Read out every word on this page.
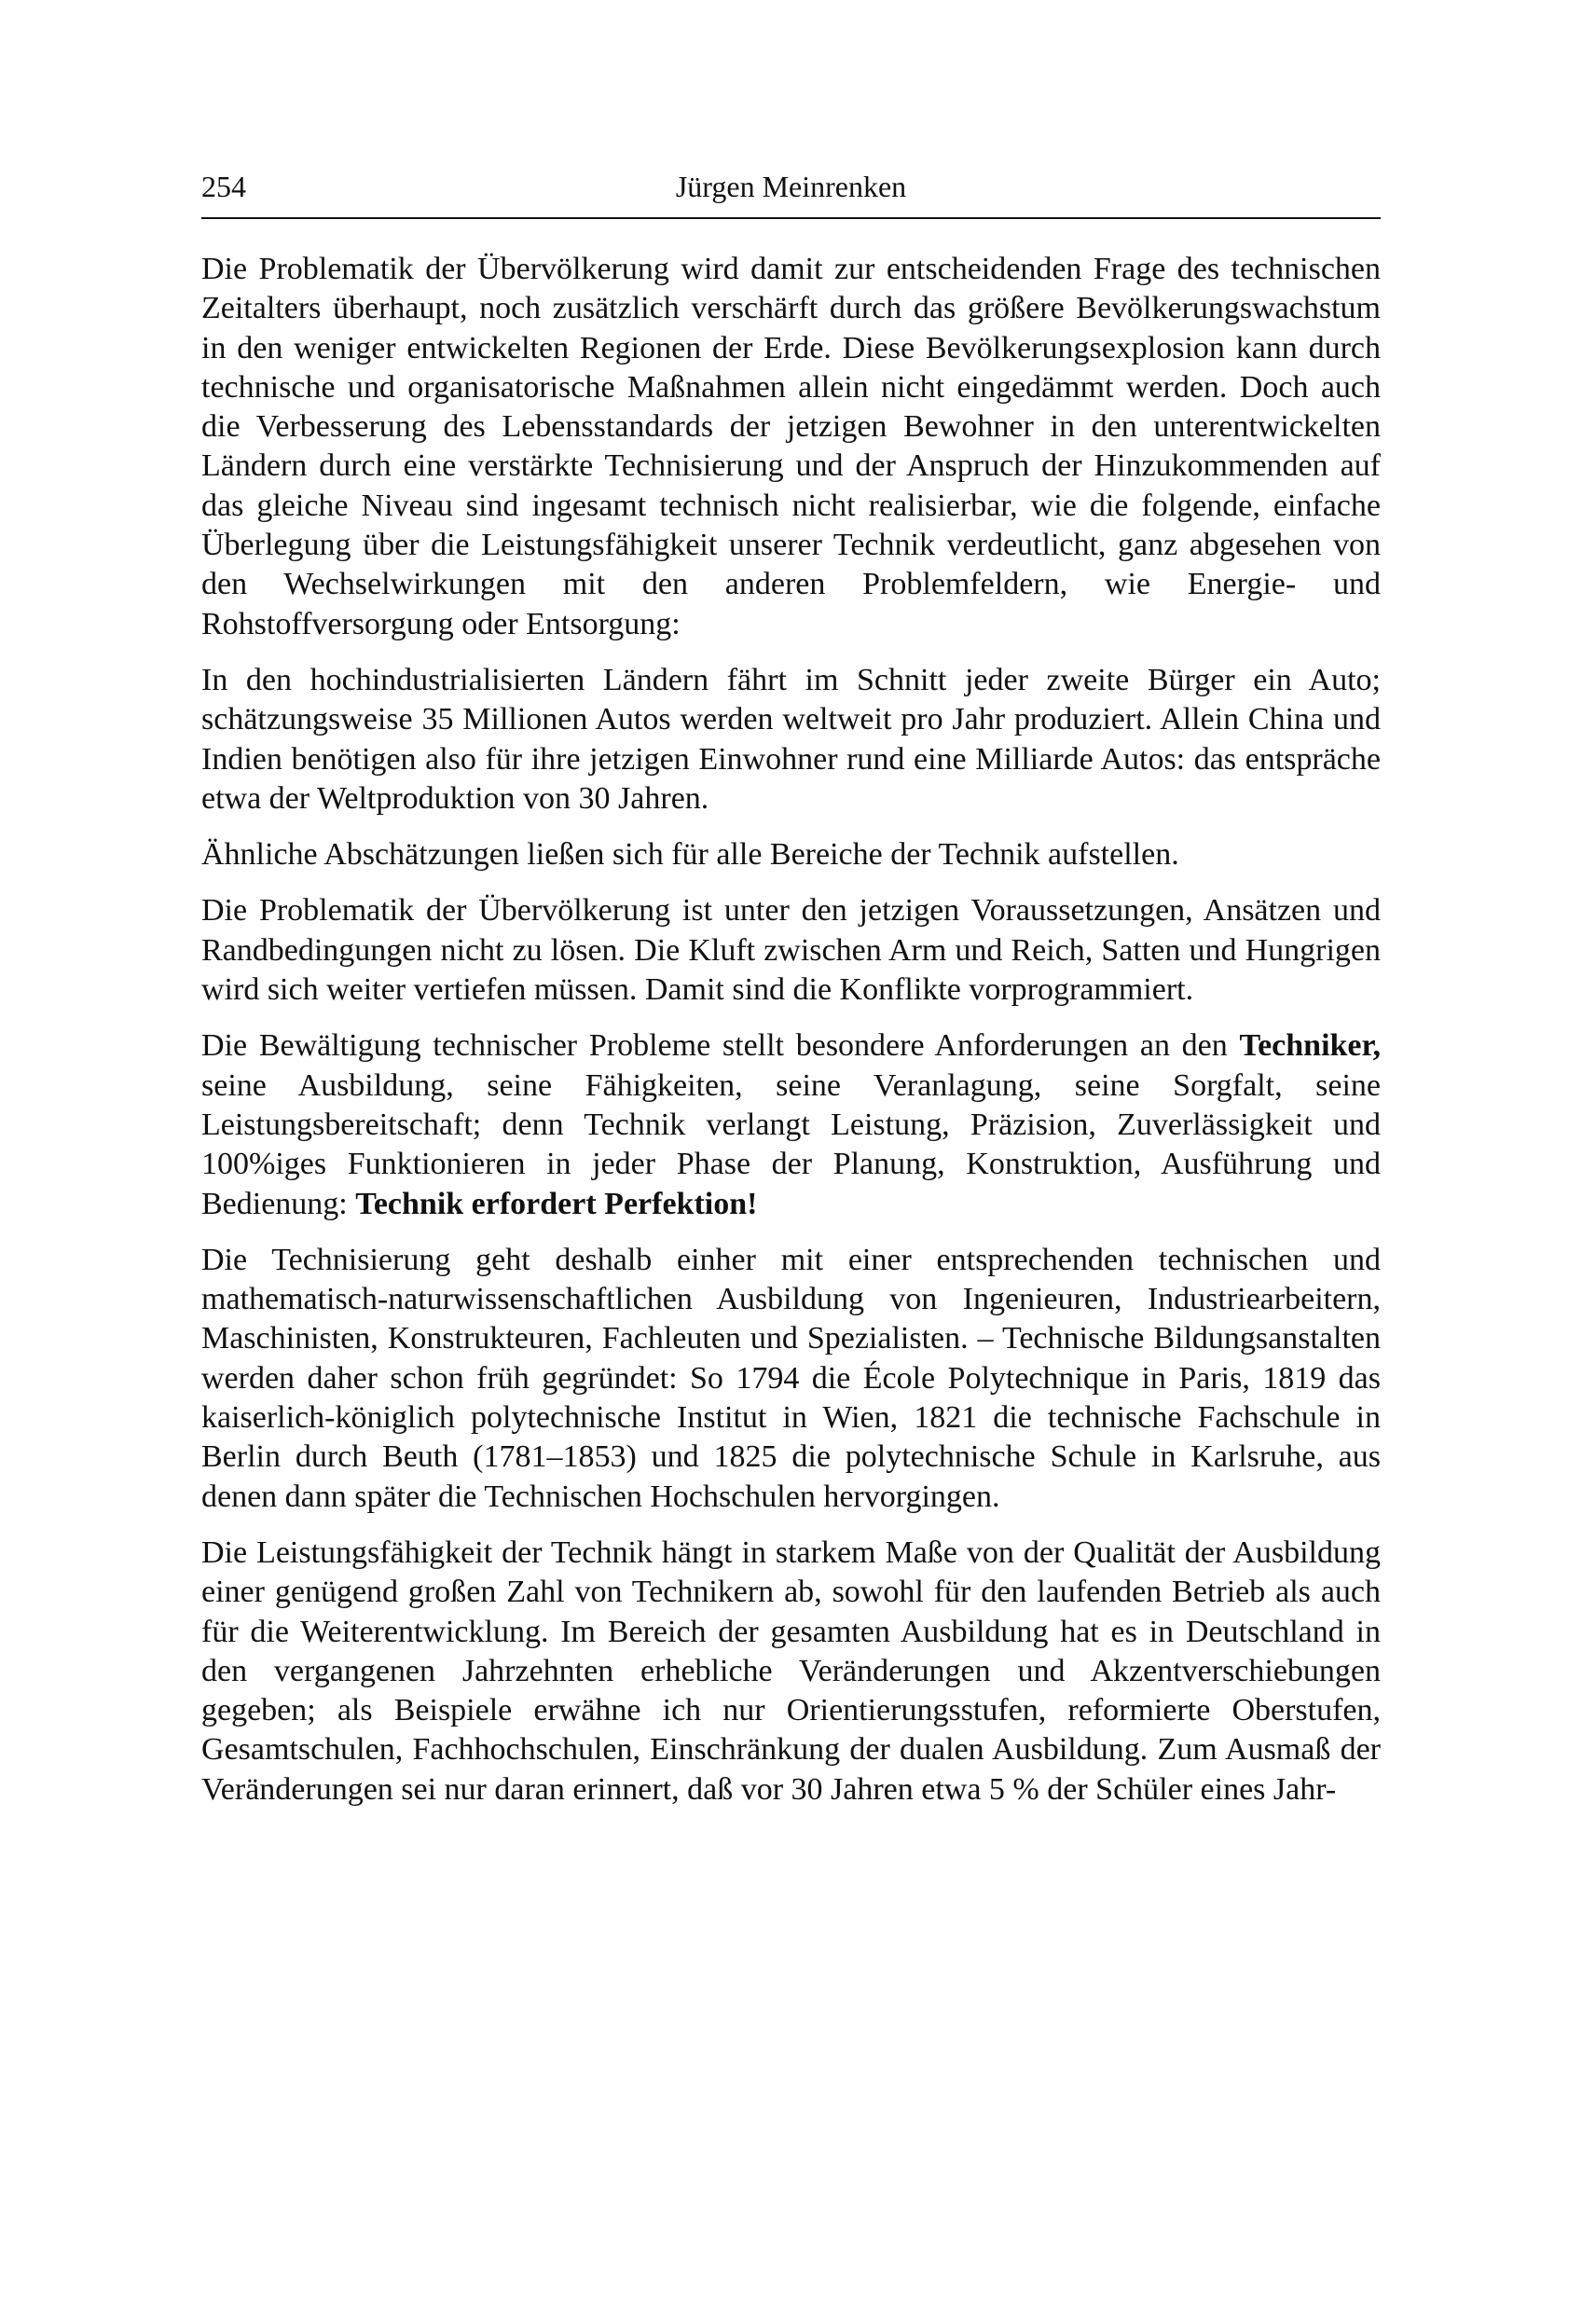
254	Jürgen Meinrenken

Die Problematik der Übervölkerung wird damit zur entscheidenden Frage des technischen Zeitalters überhaupt, noch zusätzlich verschärft durch das größere Bevölkerungswachstum in den weniger entwickelten Regionen der Erde. Diese Bevölkerungsexplosion kann durch technische und organisatorische Maßnahmen allein nicht eingedämmt werden. Doch auch die Verbesserung des Lebensstandards der jetzigen Bewohner in den unterentwickelten Ländern durch eine verstärkte Technisierung und der Anspruch der Hinzukommenden auf das gleiche Niveau sind ingesamt technisch nicht realisierbar, wie die folgende, einfache Überlegung über die Leistungsfähigkeit unserer Technik verdeutlicht, ganz abgesehen von den Wechselwirkungen mit den anderen Problemfeldern, wie Energie- und Rohstoffversorgung oder Entsorgung:

In den hochindustrialisierten Ländern fährt im Schnitt jeder zweite Bürger ein Auto; schätzungsweise 35 Millionen Autos werden weltweit pro Jahr produziert. Allein China und Indien benötigen also für ihre jetzigen Einwohner rund eine Milliarde Autos: das entspräche etwa der Weltproduktion von 30 Jahren.

Ähnliche Abschätzungen ließen sich für alle Bereiche der Technik aufstellen.

Die Problematik der Übervölkerung ist unter den jetzigen Voraussetzungen, Ansätzen und Randbedingungen nicht zu lösen. Die Kluft zwischen Arm und Reich, Satten und Hungrigen wird sich weiter vertiefen müssen. Damit sind die Konflikte vorprogrammiert.

Die Bewältigung technischer Probleme stellt besondere Anforderungen an den Techniker, seine Ausbildung, seine Fähigkeiten, seine Veranlagung, seine Sorgfalt, seine Leistungsbereitschaft; denn Technik verlangt Leistung, Präzision, Zuverlässigkeit und 100%iges Funktionieren in jeder Phase der Planung, Konstruktion, Ausführung und Bedienung: Technik erfordert Perfektion!

Die Technisierung geht deshalb einher mit einer entsprechenden technischen und mathematisch-naturwissenschaftlichen Ausbildung von Ingenieuren, Industriearbeitern, Maschinisten, Konstrukteuren, Fachleuten und Spezialisten. – Technische Bildungsanstalten werden daher schon früh gegründet: So 1794 die École Polytechnique in Paris, 1819 das kaiserlich-königlich polytechnische Institut in Wien, 1821 die technische Fachschule in Berlin durch Beuth (1781–1853) und 1825 die polytechnische Schule in Karlsruhe, aus denen dann später die Technischen Hochschulen hervorgingen.

Die Leistungsfähigkeit der Technik hängt in starkem Maße von der Qualität der Ausbildung einer genügend großen Zahl von Technikern ab, sowohl für den laufenden Betrieb als auch für die Weiterentwicklung. Im Bereich der gesamten Ausbildung hat es in Deutschland in den vergangenen Jahrzehnten erhebliche Veränderungen und Akzentverschiebungen gegeben; als Beispiele erwähne ich nur Orientierungsstufen, reformierte Oberstufen, Gesamtschulen, Fachhochschulen, Einschränkung der dualen Ausbildung. Zum Ausmaß der Veränderungen sei nur daran erinnert, daß vor 30 Jahren etwa 5 % der Schüler eines Jahr-
